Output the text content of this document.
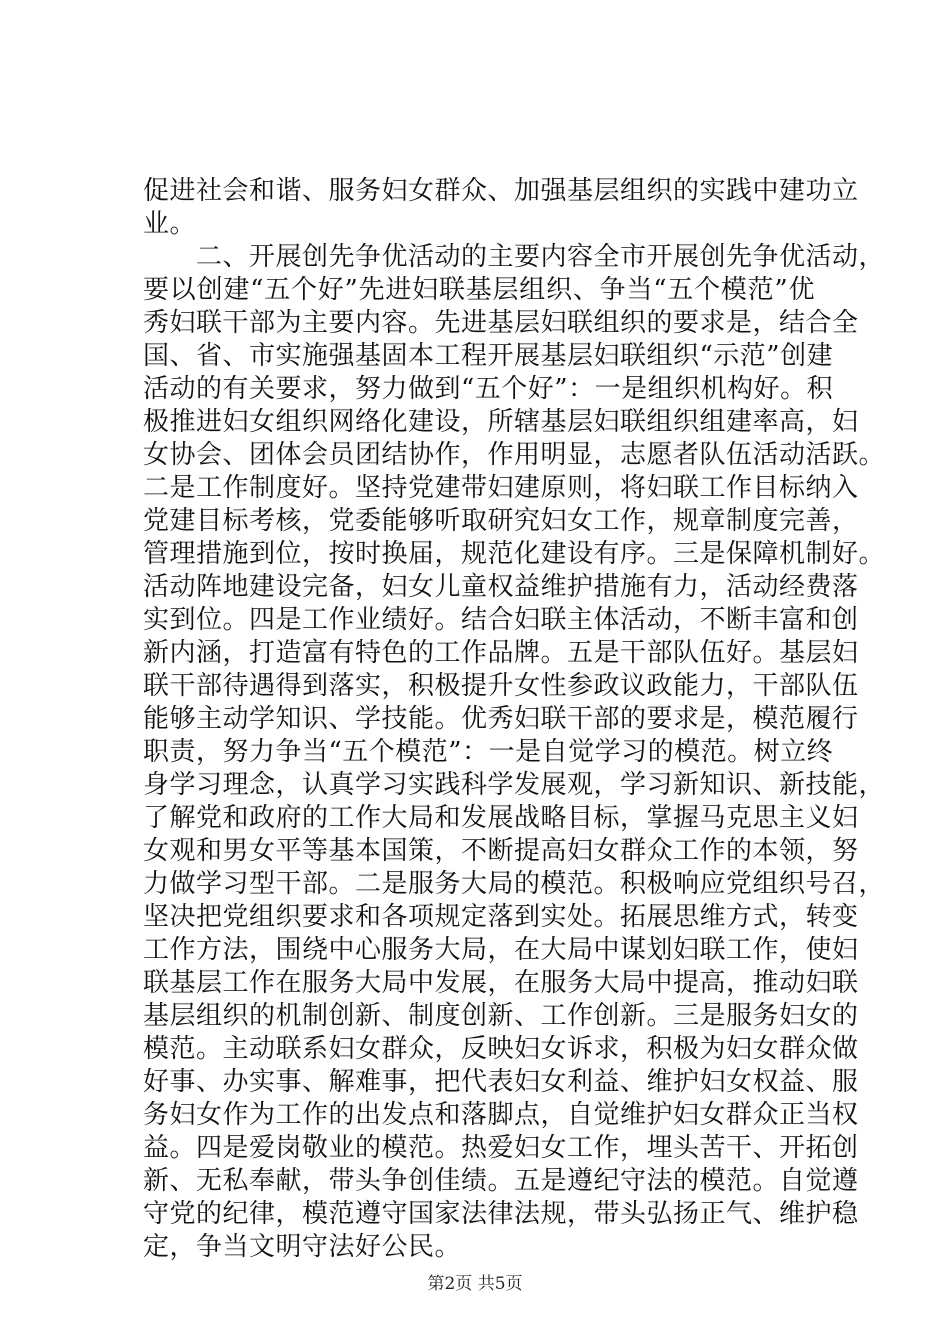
促进社会和谐、服务妇女群众、加强基层组织的实践中建功立
业。
　　二、开展创先争优活动的主要内容全市开展创先争优活动，
要以创建“五个好”先进妇联基层组织、争当“五个模范”优
秀妇联干部为主要内容。先进基层妇联组织的要求是，结合全
国、省、市实施强基固本工程开展基层妇联组织“示范”创建
活动的有关要求，努力做到“五个好”：一是组织机构好。积
极推进妇女组织网络化建设，所辖基层妇联组织组建率高，妇
女协会、团体会员团结协作，作用明显，志愿者队伍活动活跃。
二是工作制度好。坚持党建带妇建原则，将妇联工作目标纳入
党建目标考核，党委能够听取研究妇女工作，规章制度完善，
管理措施到位，按时换届，规范化建设有序。三是保障机制好。
活动阵地建设完备，妇女儿童权益维护措施有力，活动经费落
实到位。四是工作业绩好。结合妇联主体活动，不断丰富和创
新内涵，打造富有特色的工作品牌。五是干部队伍好。基层妇
联干部待遇得到落实，积极提升女性参政议政能力，干部队伍
能够主动学知识、学技能。优秀妇联干部的要求是，模范履行
职责，努力争当“五个模范”：一是自觉学习的模范。树立终
身学习理念，认真学习实践科学发展观，学习新知识、新技能，
了解党和政府的工作大局和发展战略目标，掌握马克思主义妇
女观和男女平等基本国策，不断提高妇女群众工作的本领，努
力做学习型干部。二是服务大局的模范。积极响应党组织号召，
坚决把党组织要求和各项规定落到实处。拓展思维方式，转变
工作方法，围绕中心服务大局，在大局中谋划妇联工作，使妇
联基层工作在服务大局中发展，在服务大局中提高，推动妇联
基层组织的机制创新、制度创新、工作创新。三是服务妇女的
模范。主动联系妇女群众，反映妇女诉求，积极为妇女群众做
好事、办实事、解难事，把代表妇女利益、维护妇女权益、服
务妇女作为工作的出发点和落脚点，自觉维护妇女群众正当权
益。四是爱岗敬业的模范。热爱妇女工作，埋头苦干、开拓创
新、无私奉献，带头争创佳绩。五是遵纪守法的模范。自觉遵
守党的纪律，模范遵守国家法律法规，带头弘扬正气、维护稳
定，争当文明守法好公民。
第2页 共5页
